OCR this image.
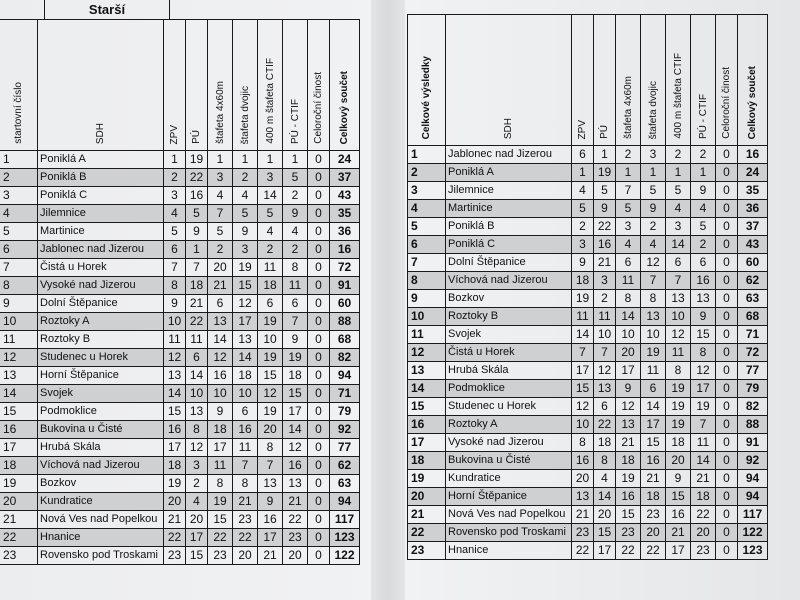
Starší
startovní číslo	SDH	ZPV	PÚ	štafeta 4x60m	štafeta dvojic	400 m štafeta CTIF	PÚ - CTIF	Celoroční činost	Celkový součet
1	Poniklá A	1	19	1	1	1	1	0	24
2	Poniklá B	2	22	3	2	3	5	0	37
3	Poniklá C	3	16	4	4	14	2	0	43
4	Jilemnice	4	5	7	5	5	9	0	35
5	Martinice	5	9	5	9	4	4	0	36
6	Jablonec nad Jizerou	6	1	2	3	2	2	0	16
7	Čistá u Horek	7	7	20	19	11	8	0	72
8	Vysoké nad Jizerou	8	18	21	15	18	11	0	91
9	Dolní Štěpanice	9	21	6	12	6	6	0	60
10	Roztoky A	10	22	13	17	19	7	0	88
11	Roztoky B	11	11	14	13	10	9	0	68
12	Studenec u Horek	12	6	12	14	19	19	0	82
13	Horní Štěpanice	13	14	16	18	15	18	0	94
14	Svojek	14	10	10	10	12	15	0	71
15	Podmoklice	15	13	9	6	19	17	0	79
16	Bukovina u Čisté	16	8	18	16	20	14	0	92
17	Hrubá Skála	17	12	17	11	8	12	0	77
18	Víchová nad Jizerou	18	3	11	7	7	16	0	62
19	Bozkov	19	2	8	8	13	13	0	63
20	Kundratice	20	4	19	21	9	21	0	94
21	Nová Ves nad Popelkou	21	20	15	23	16	22	0	117
22	Hnanice	22	17	22	22	17	23	0	123
23	Rovensko pod Troskami	23	15	23	20	21	20	0	122
Celkové výsledky	SDH	ZPV	PÚ	štafeta 4x60m	štafeta dvojic	400 m štafeta CTIF	PÚ - CTIF	Celoroční činost	Celkový součet
1	Jablonec nad Jizerou	6	1	2	3	2	2	0	16
2	Poniklá A	1	19	1	1	1	1	0	24
3	Jilemnice	4	5	7	5	5	9	0	35
4	Martinice	5	9	5	9	4	4	0	36
5	Poniklá B	2	22	3	2	3	5	0	37
6	Poniklá C	3	16	4	4	14	2	0	43
7	Dolní Štěpanice	9	21	6	12	6	6	0	60
8	Víchová nad Jizerou	18	3	11	7	7	16	0	62
9	Bozkov	19	2	8	8	13	13	0	63
10	Roztoky B	11	11	14	13	10	9	0	68
11	Svojek	14	10	10	10	12	15	0	71
12	Čistá u Horek	7	7	20	19	11	8	0	72
13	Hrubá Skála	17	12	17	11	8	12	0	77
14	Podmoklice	15	13	9	6	19	17	0	79
15	Studenec u Horek	12	6	12	14	19	19	0	82
16	Roztoky A	10	22	13	17	19	7	0	88
17	Vysoké nad Jizerou	8	18	21	15	18	11	0	91
18	Bukovina u Čisté	16	8	18	16	20	14	0	92
19	Kundratice	20	4	19	21	9	21	0	94
20	Horní Štěpanice	13	14	16	18	15	18	0	94
21	Nová Ves nad Popelkou	21	20	15	23	16	22	0	117
22	Rovensko pod Troskami	23	15	23	20	21	20	0	122
23	Hnanice	22	17	22	22	17	23	0	123
